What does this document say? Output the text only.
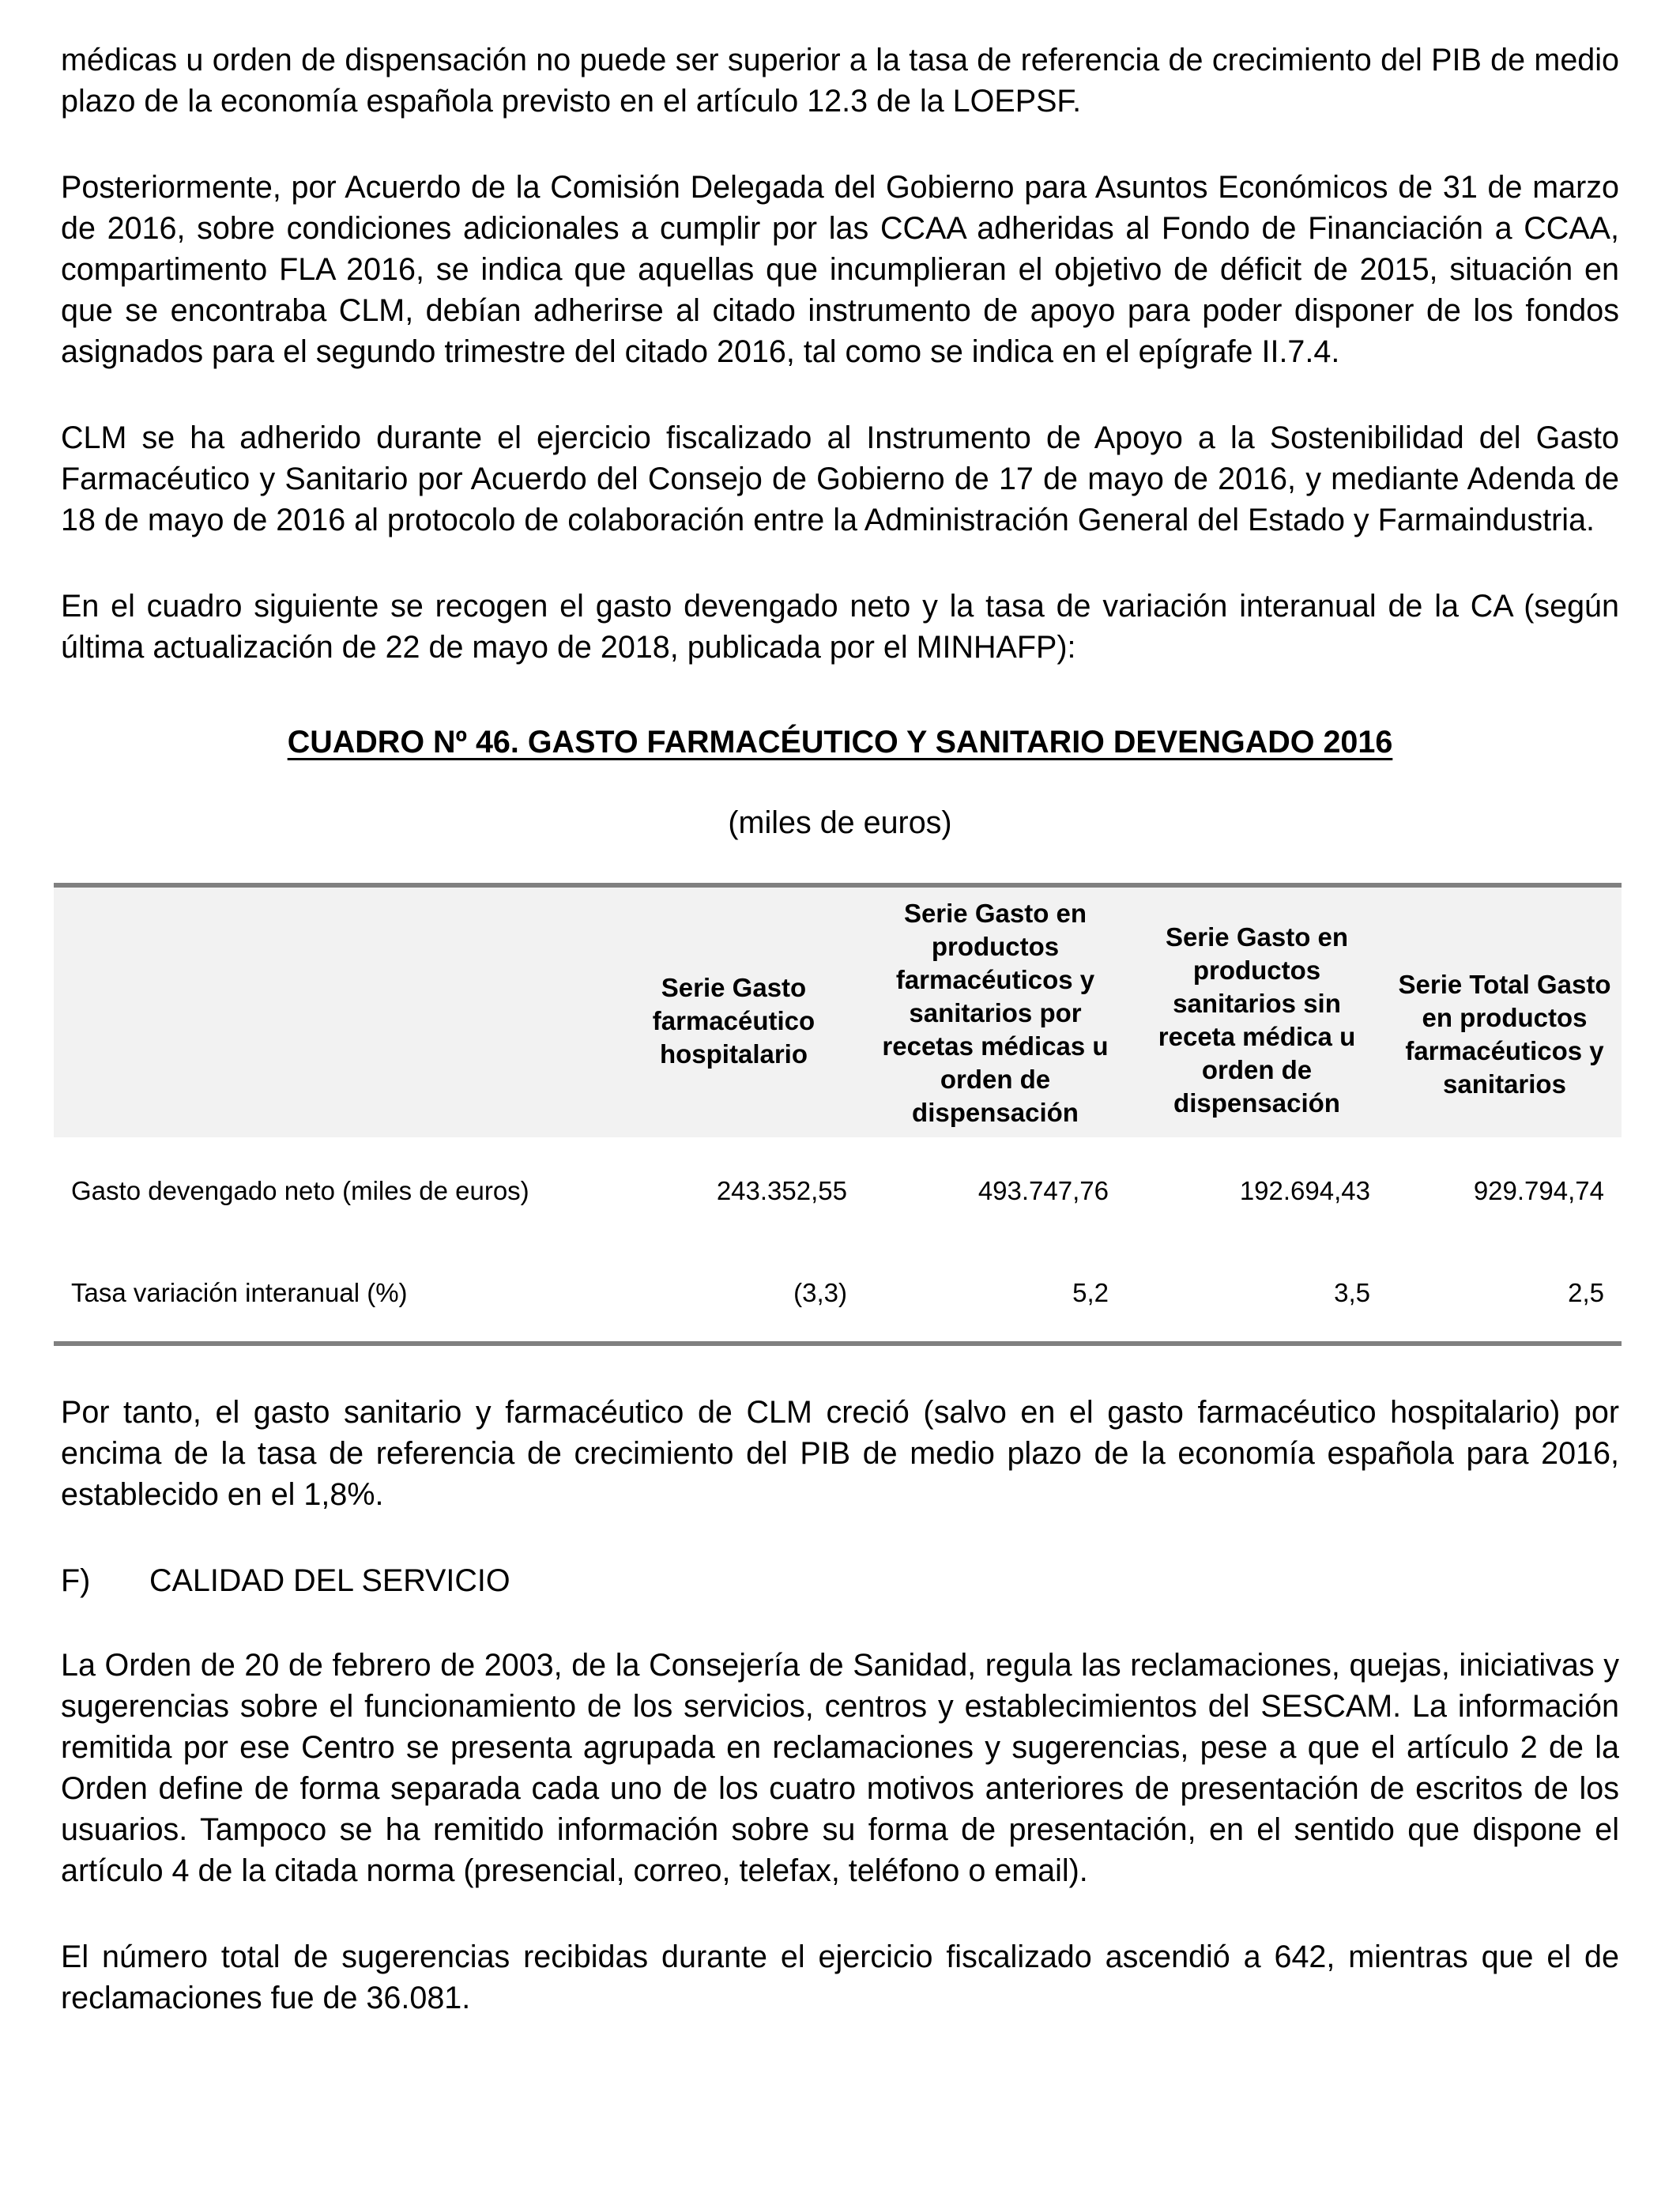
médicas u orden de dispensación no puede ser superior a la tasa de referencia de crecimiento del PIB de medio plazo de la economía española previsto en el artículo 12.3 de la LOEPSF.

Posteriormente, por Acuerdo de la Comisión Delegada del Gobierno para Asuntos Económicos de 31 de marzo de 2016, sobre condiciones adicionales a cumplir por las CCAA adheridas al Fondo de Financiación a CCAA, compartimento FLA 2016, se indica que aquellas que incumplieran el objetivo de déficit de 2015, situación en que se encontraba CLM, debían adherirse al citado instrumento de apoyo para poder disponer de los fondos asignados para el segundo trimestre del citado 2016, tal como se indica en el epígrafe II.7.4.

CLM se ha adherido durante el ejercicio fiscalizado al Instrumento de Apoyo a la Sostenibilidad del Gasto Farmacéutico y Sanitario por Acuerdo del Consejo de Gobierno de 17 de mayo de 2016, y mediante Adenda de 18 de mayo de 2016 al protocolo de colaboración entre la Administración General del Estado y Farmaindustria.

En el cuadro siguiente se recogen el gasto devengado neto y la tasa de variación interanual de la CA (según última actualización de 22 de mayo de 2018, publicada por el MINHAFP):

CUADRO Nº 46. GASTO FARMACÉUTICO Y SANITARIO DEVENGADO 2016
(miles de euros)
	Serie Gasto farmacéutico hospitalario	Serie Gasto en productos farmacéuticos y sanitarios por recetas médicas u orden de dispensación	Serie Gasto en productos sanitarios sin receta médica u orden de dispensación	Serie Total Gasto en productos farmacéuticos y sanitarios
Gasto devengado neto (miles de euros)	243.352,55	493.747,76	192.694,43	929.794,74
Tasa variación interanual (%)	(3,3)	5,2	3,5	2,5

Por tanto, el gasto sanitario y farmacéutico de CLM creció (salvo en el gasto farmacéutico hospitalario) por encima de la tasa de referencia de crecimiento del PIB de medio plazo de la economía española para 2016, establecido en el 1,8%.

F)	CALIDAD DEL SERVICIO

La Orden de 20 de febrero de 2003, de la Consejería de Sanidad, regula las reclamaciones, quejas, iniciativas y sugerencias sobre el funcionamiento de los servicios, centros y establecimientos del SESCAM. La información remitida por ese Centro se presenta agrupada en reclamaciones y sugerencias, pese a que el artículo 2 de la Orden define de forma separada cada uno de los cuatro motivos anteriores de presentación de escritos de los usuarios. Tampoco se ha remitido información sobre su forma de presentación, en el sentido que dispone el artículo 4 de la citada norma (presencial, correo, telefax, teléfono o email).

El número total de sugerencias recibidas durante el ejercicio fiscalizado ascendió a 642, mientras que el de reclamaciones fue de 36.081.
